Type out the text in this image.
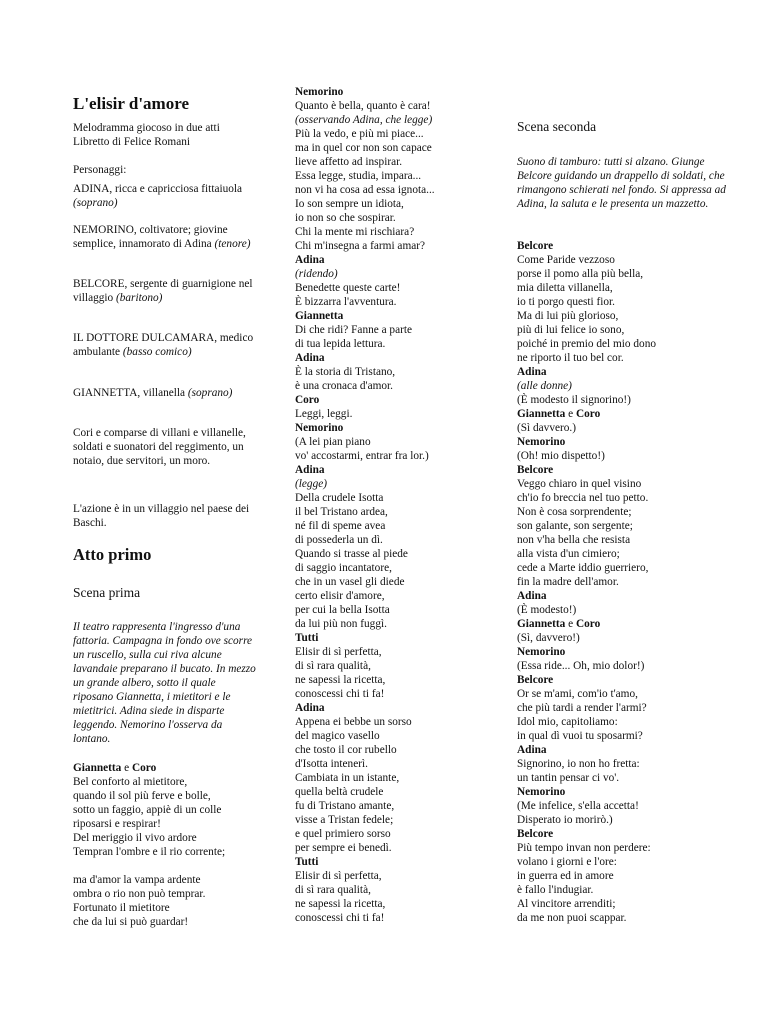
L'elisir d'amore
Melodramma giocoso in due atti
Libretto di Felice Romani
Personaggi:
ADINA, ricca e capricciosa fittaiuola (soprano)
NEMORINO, coltivatore; giovine semplice, innamorato di Adina (tenore)
BELCORE, sergente di guarnigione nel villaggio (baritono)
IL DOTTORE DULCAMARA, medico ambulante (basso comico)
GIANNETTA, villanella (soprano)
Cori e comparse di villani e villanelle, soldati e suonatori del reggimento, un notaio, due servitori, un moro.
L'azione è in un villaggio nel paese dei Baschi.
Atto primo
Scena prima
Il teatro rappresenta l'ingresso d'una fattoria. Campagna in fondo ove scorre un ruscello, sulla cui riva alcune lavandaie preparano il bucato. In mezzo un grande albero, sotto il quale riposano Giannetta, i mietitori e le mietitrici. Adina siede in disparte leggendo. Nemorino l'osserva da lontano.
Giannetta e Coro
Bel conforto al mietitore,
quando il sol più ferve e bolle,
sotto un faggio, appiè di un colle
riposarsi e respirar!
Del meriggio il vivo ardore
Tempran l'ombre e il rio corrente;
ma d'amor la vampa ardente
ombra o rio non può temprar.
Fortunato il mietitore
che da lui si può guardar!
Nemorino
Quanto è bella, quanto è cara!
(osservando Adina, che legge)
Più la vedo, e più mi piace...
ma in quel cor non son capace
lieve affetto ad inspirar.
Essa legge, studia, impara...
non vi ha cosa ad essa ignota...
Io son sempre un idiota,
io non so che sospirar.
Chi la mente mi rischiara?
Chi m'insegna a farmi amar?
Adina
(ridendo)
Benedette queste carte!
È bizzarra l'avventura.
Giannetta
Di che ridi? Fanne a parte
di tua lepida lettura.
Adina
È la storia di Tristano,
è una cronaca d'amor.
Coro
Leggi, leggi.
Nemorino
(A lei pian piano
vo' accostarmi, entrar fra lor.)
Adina
(legge)
Della crudele Isotta
il bel Tristano ardea,
né fil di speme avea
di possederla un dì.
Quando si trasse al piede
di saggio incantatore,
che in un vasel gli diede
certo elisir d'amore,
per cui la bella Isotta
da lui più non fuggì.
Tutti
Elisir di sì perfetta,
di sì rara qualità,
ne sapessi la ricetta,
conoscessi chi ti fa!
Adina
Appena ei bebbe un sorso
del magico vasello
che tosto il cor rubello
d'Isotta intenerì.
Cambiata in un istante,
quella beltà crudele
fu di Tristano amante,
visse a Tristan fedele;
e quel primiero sorso
per sempre ei benedì.
Tutti
Elisir di sì perfetta,
di sì rara qualità,
ne sapessi la ricetta,
conoscessi chi ti fa!
Scena seconda
Suono di tamburo: tutti si alzano. Giunge Belcore guidando un drappello di soldati, che rimangono schierati nel fondo. Si appressa ad Adina, la saluta e le presenta un mazzetto.
Belcore
Come Paride vezzoso
porse il pomo alla più bella,
mia diletta villanella,
io ti porgo questi fior.
Ma di lui più glorioso,
più di lui felice io sono,
poiché in premio del mio dono
ne riporto il tuo bel cor.
Adina
(alle donne)
(È modesto il signorino!)
Giannetta e Coro
(Sì davvero.)
Nemorino
(Oh! mio dispetto!)
Belcore
Veggo chiaro in quel visino
ch'io fo breccia nel tuo petto.
Non è cosa sorprendente;
son galante, son sergente;
non v'ha bella che resista
alla vista d'un cimiero;
cede a Marte iddio guerriero,
fin la madre dell'amor.
Adina
(È modesto!)
Giannetta e Coro
(Sì, davvero!)
Nemorino
(Essa ride... Oh, mio dolor!)
Belcore
Or se m'ami, com'io t'amo,
che più tardi a render l'armi?
Idol mio, capitoliamo:
in qual dì vuoi tu sposarmi?
Adina
Signorino, io non ho fretta:
un tantin pensar ci vo'.
Nemorino
(Me infelice, s'ella accetta!
Disperato io morirò.)
Belcore
Più tempo invan non perdere:
volano i giorni e l'ore:
in guerra ed in amore
è fallo l'indugiar.
Al vincitore arrenditi;
da me non puoi scappar.
